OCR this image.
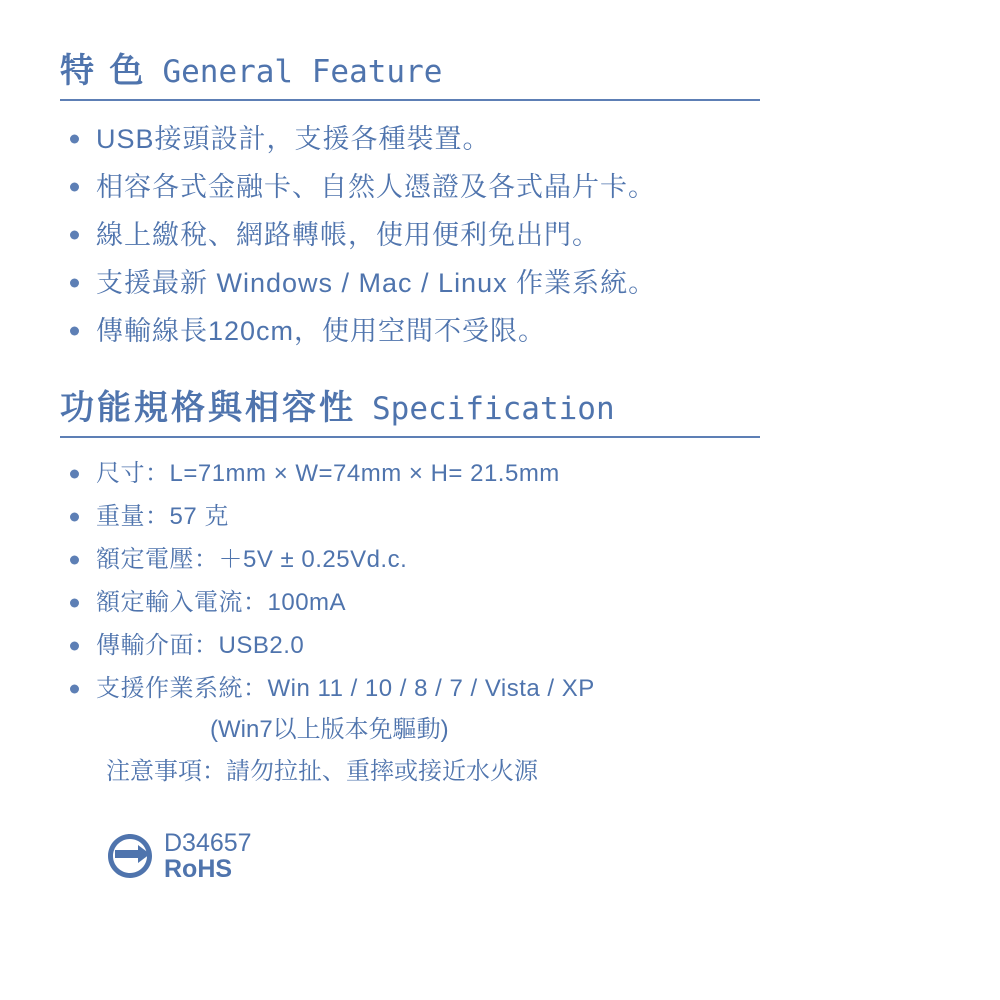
特 色 General Feature
USB接頭設計，支援各種裝置。
相容各式金融卡、自然人憑證及各式晶片卡。
線上繳稅、網路轉帳，使用便利免出門。
支援最新 Windows / Mac / Linux 作業系統。
傳輸線長120cm，使用空間不受限。
功能規格與相容性 Specification
尺寸：L=71mm × W=74mm × H= 21.5mm
重量：57 克
額定電壓：＋5V ± 0.25Vd.c.
額定輸入電流：100mA
傳輸介面：USB2.0
支援作業系統：Win 11 / 10 / 8 / 7 / Vista / XP
(Win7以上版本免驅動)
注意事項：請勿拉扯、重摔或接近水火源
D34657
RoHS
